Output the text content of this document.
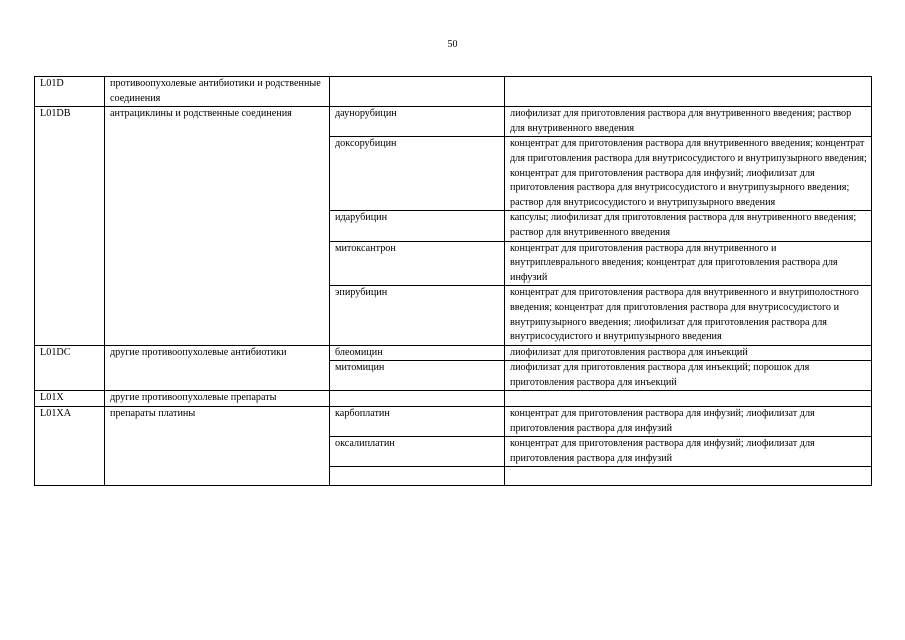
50
L01D	противоопухолевые антибиотики и родственные соединения		
L01DB	антрациклины и родственные соединения	даунорубицин	лиофилизат для приготовления раствора для внутривенного введения; раствор для внутривенного введения
		доксорубицин	концентрат для приготовления раствора для внутривенного введения; концентрат для приготовления раствора для внутрисосудистого и внутрипузырного введения; концентрат для приготовления раствора для инфузий; лиофилизат для приготовления раствора для внутрисосудистого и внутрипузырного введения; раствор для внутрисосудистого и внутрипузырного введения
		идарубицин	капсулы; лиофилизат для приготовления раствора для внутривенного введения; раствор для внутривенного введения
		митоксантрон	концентрат для приготовления раствора для внутривенного и внутриплеврального введения; концентрат для приготовления раствора для инфузий
		эпирубицин	концентрат для приготовления раствора для внутривенного и внутриполостного введения; концентрат для приготовления раствора для внутрисосудистого и внутрипузырного введения; лиофилизат для приготовления раствора для внутрисосудистого и внутрипузырного введения
L01DC	другие противоопухолевые антибиотики	блеомицин	лиофилизат для приготовления раствора для инъекций
		митомицин	лиофилизат для приготовления раствора для инъекций; порошок для приготовления раствора для инъекций
L01X	другие противоопухолевые препараты		
L01XA	препараты платины	карбоплатин	концентрат для приготовления раствора для инфузий; лиофилизат для приготовления раствора для инфузий
		оксалиплатин	концентрат для приготовления раствора для инфузий; лиофилизат для приготовления раствора для инфузий
